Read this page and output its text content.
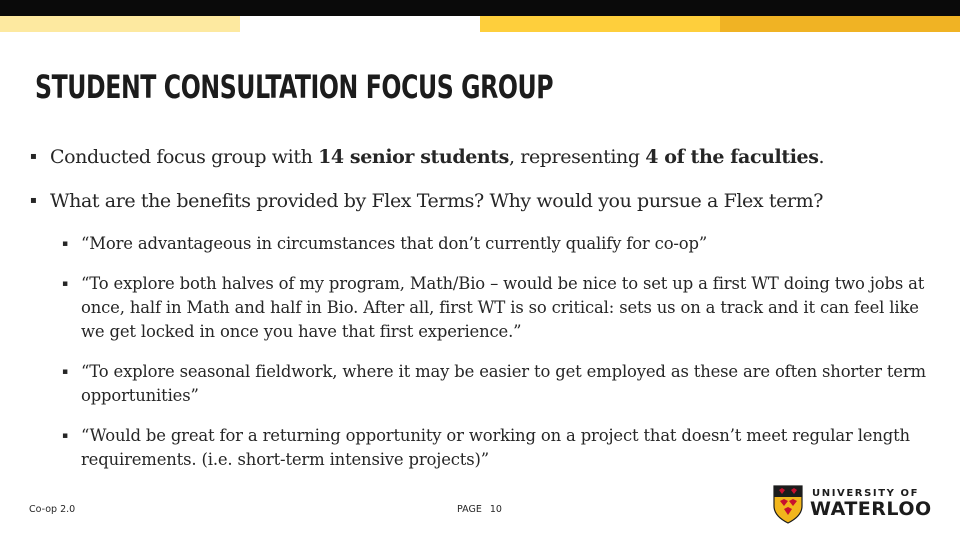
STUDENT CONSULTATION FOCUS GROUP
▪ Conducted focus group with 14 senior students, representing 4 of the faculties.
▪ What are the benefits provided by Flex Terms? Why would you pursue a Flex term?
▪ “More advantageous in circumstances that don’t currently qualify for co-op”
▪ “To explore both halves of my program, Math/Bio – would be nice to set up a first WT doing two jobs at once, half in Math and half in Bio. After all, first WT is so critical: sets us on a track and it can feel like we get locked in once you have that first experience.”
▪ “To explore seasonal fieldwork, where it may be easier to get employed as these are often shorter term opportunities”
▪ “Would be great for a returning opportunity or working on a project that doesn’t meet regular length requirements. (i.e. short-term intensive projects)”
Co-op 2.0	PAGE 10
UNIVERSITY OF
WATERLOO
